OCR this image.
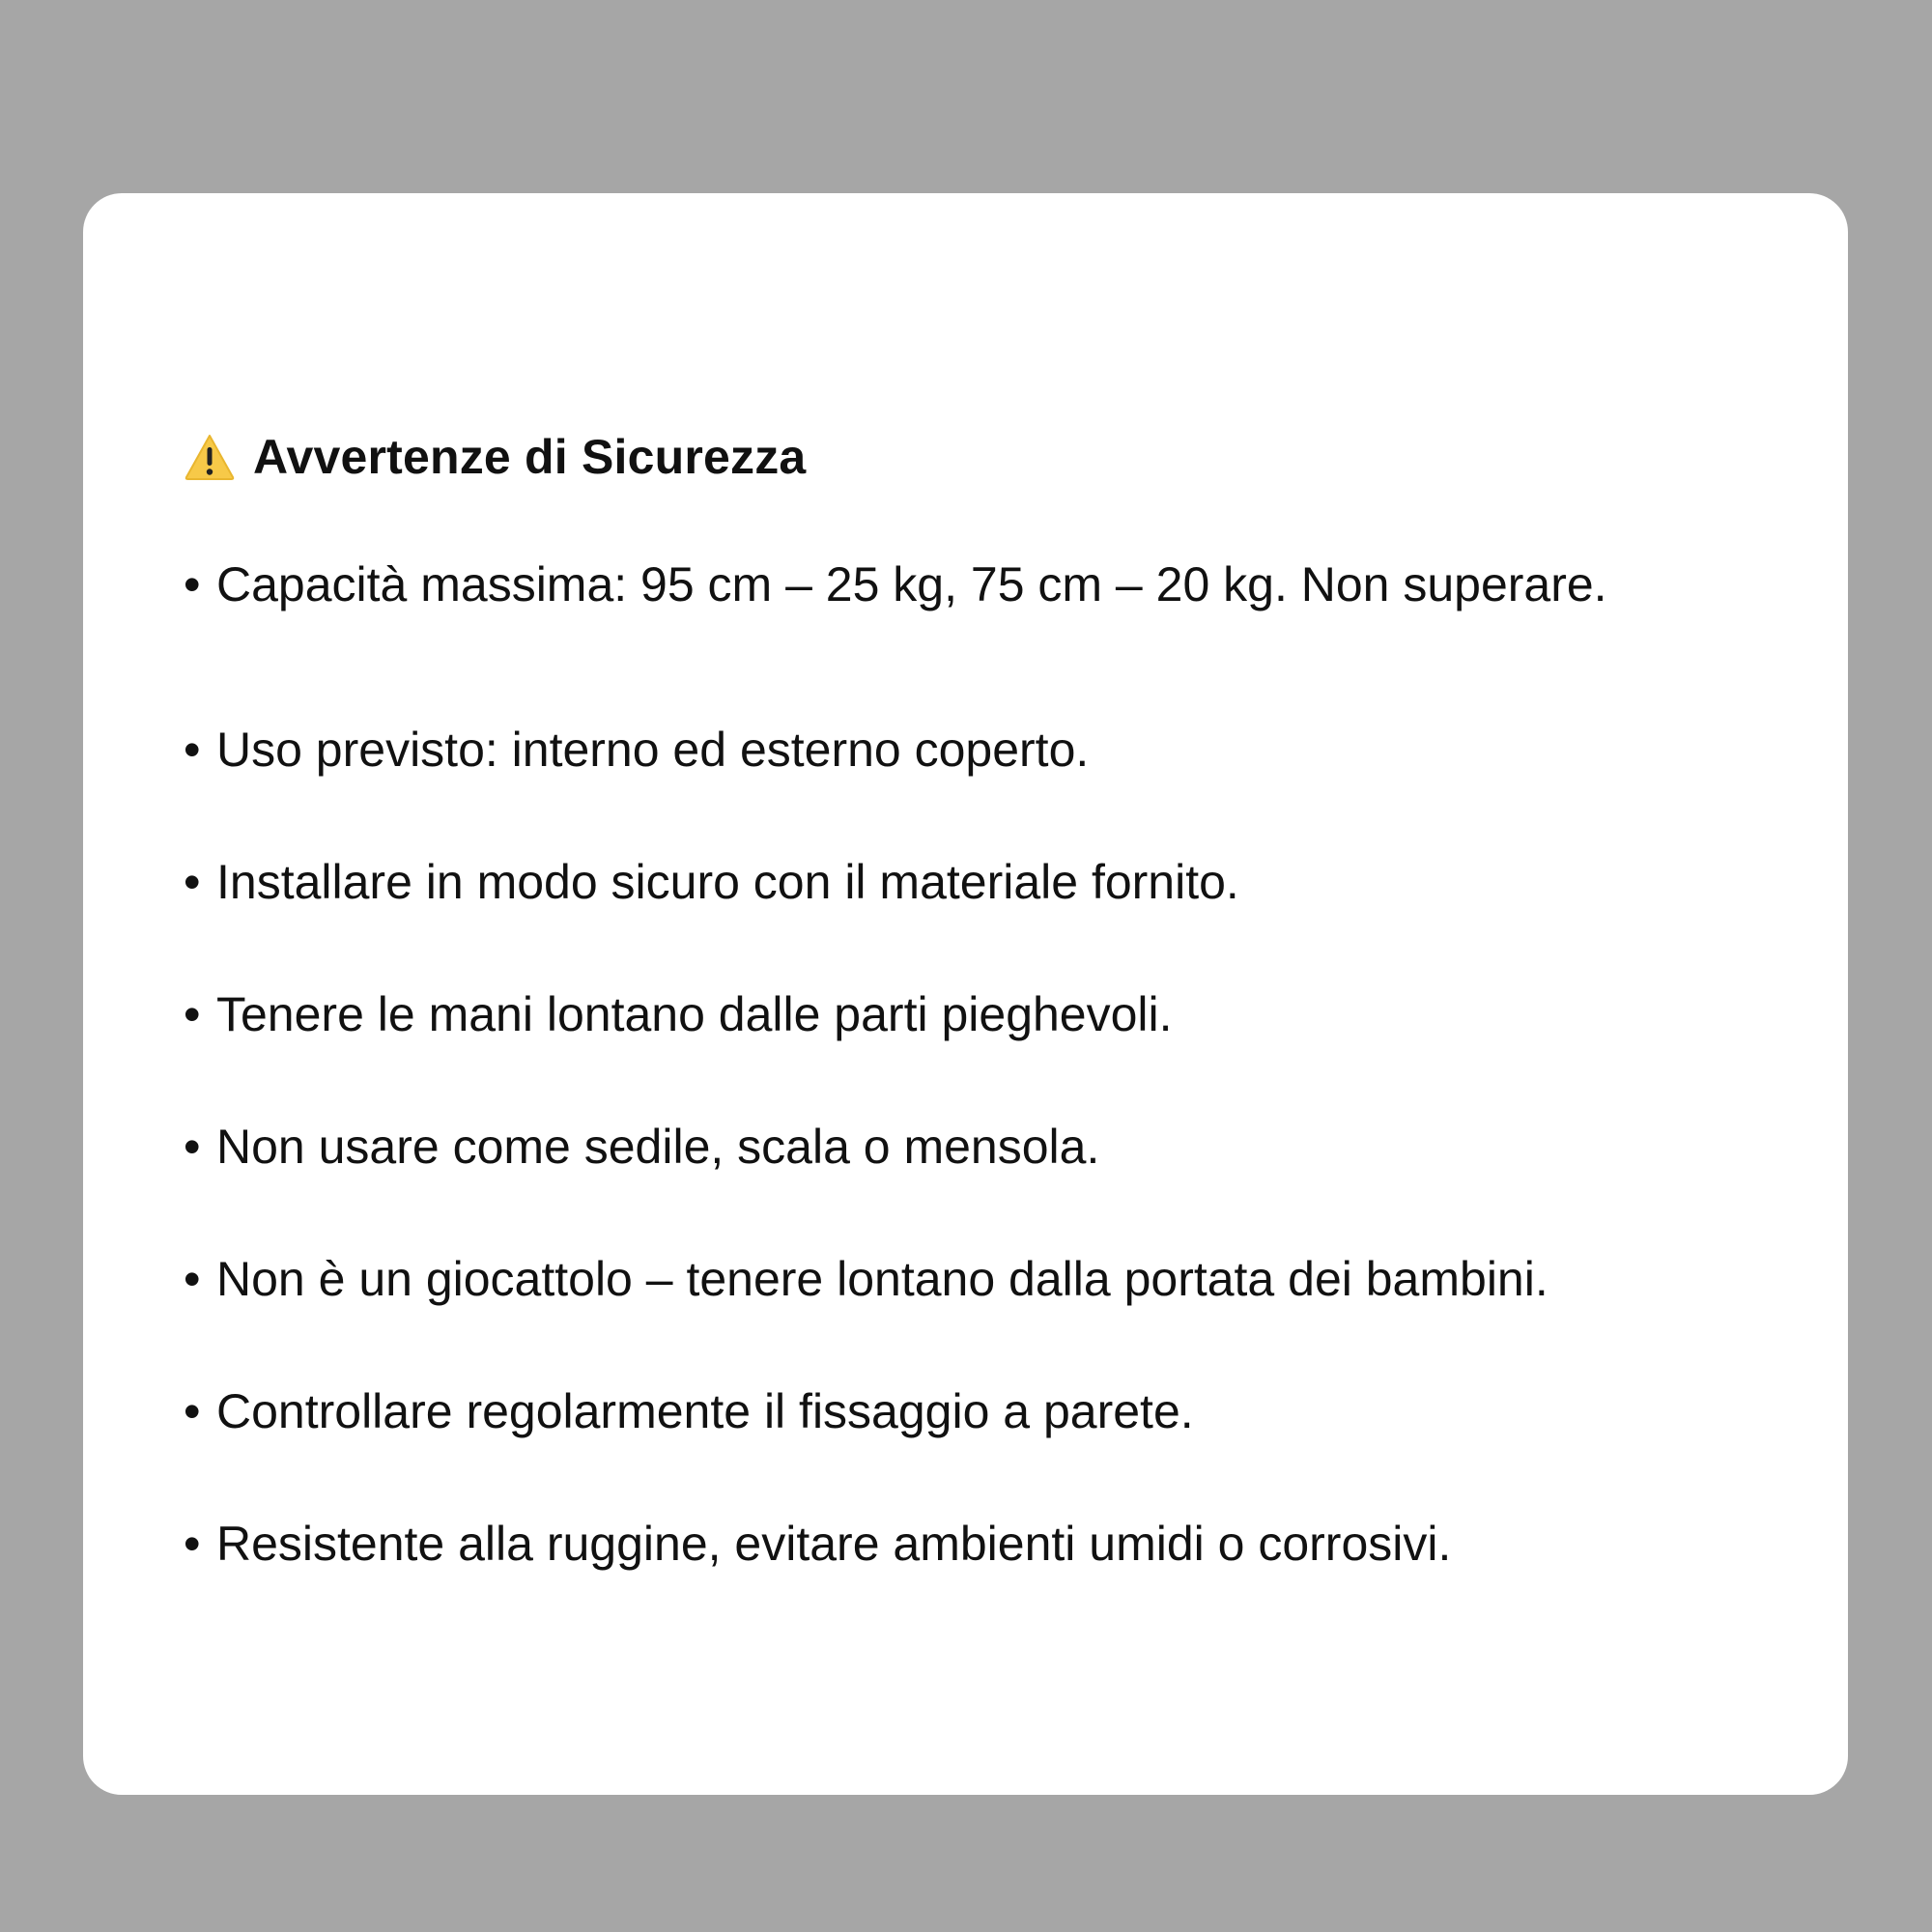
Avvertenze di Sicurezza
• Capacità massima: 95 cm – 25 kg, 75 cm – 20 kg. Non superare.
• Uso previsto: interno ed esterno coperto.
• Installare in modo sicuro con il materiale fornito.
• Tenere le mani lontano dalle parti pieghevoli.
• Non usare come sedile, scala o mensola.
• Non è un giocattolo – tenere lontano dalla portata dei bambini.
• Controllare regolarmente il fissaggio a parete.
• Resistente alla ruggine, evitare ambienti umidi o corrosivi.
